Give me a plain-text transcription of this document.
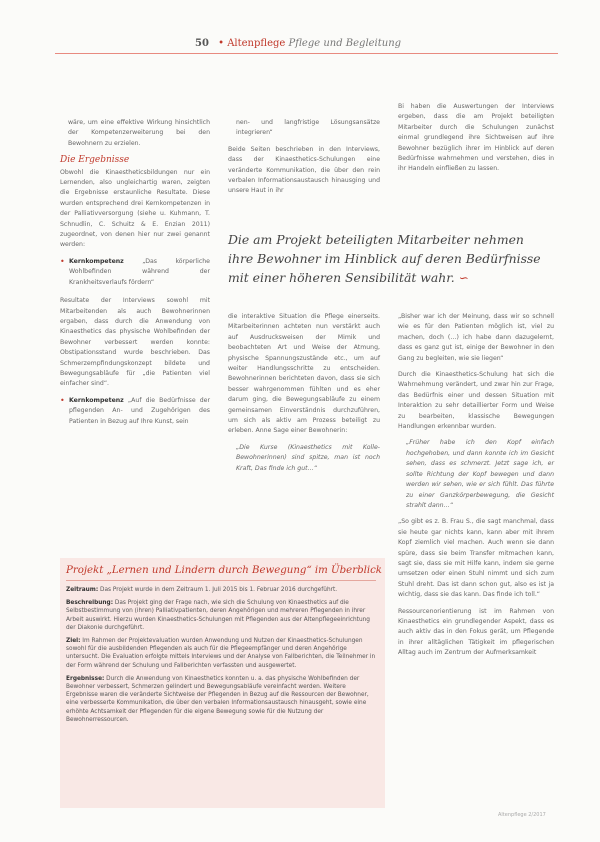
50 • Altenpflege Pflege und Begleitung

wäre, um eine effektive Wirkung hinsichtlich der Kompetenzerweiterung bei den Bewohnern zu erzielen.

Die Ergebnisse

Obwohl die Kinaestheticsbildungen nur ein Lernenden, also ungleichartig waren, zeigten die Ergebnisse erstaunliche Resultate. Diese wurden entsprechend drei Kernkompetenzen in der Palliativversorgung (siehe u. Kuhmann, T. Schnudlin, C. Schuitz & E. Enzian 2011) zugeordnet, von denen hier nur zwei genannt werden:

• Kernkompetenz	„Das körperliche Wohlbefinden während der Krankheitsverlaufs fördern“

Resultate der Interviews sowohl mit Mitarbeitenden als auch Bewohnerinnen ergaben, dass durch die Anwendung von Kinaesthetics das physische Wohlbefinden der Bewohner verbessert werden konnte: Obstipationsstand wurde beschrieben. Das Schmerzempfindungskonzept bildete und Bewegungsabläufe für „die Patienten viel einfacher sind“.

• Kernkompetenz „Auf die Bedürfnisse der pflegenden An- und Zugehörigen des Patienten in Bezug auf Ihre Kunst, sein

nen- und langfristige Lösungsansätze integrieren“

Beide Seiten beschrieben in den Interviews, dass der Kinaesthetics-Schulungen eine veränderte Kommunikation, die über den rein verbalen Informationsaustausch hinausging und unsere Haut in ihr

Die am Projekt beteiligten Mitarbeiter nehmen ihre Bewohner im Hinblick auf deren Bedürfnisse mit einer höheren Sensibilität wahr. ∽

die interaktive Situation die Pflege einerseits. Mitarbeiterinnen achteten nun verstärkt auch auf Ausdrucksweisen der Mimik und beobachteten Art und Weise der Atmung, physische Spannungszustände etc., um auf weiter Handlungsschritte zu entscheiden. Bewohnerinnen berichteten davon, dass sie sich besser wahrgenommen fühlten und es eher darum ging, die Bewegungsabläufe zu einem gemeinsamen Einverständnis durchzuführen, um sich als aktiv am Prozess beteiligt zu erleben. Anne Sage einer Bewohnerin:

„Die Kurse (Kinaesthetics mit Kolle- Bewohnerinnen) sind spitze, man ist noch Kraft, Das finde ich gut…“

Bi haben die Auswertungen der Interviews ergeben, dass die am Projekt beteiligten Mitarbeiter durch die Schulungen zunächst einmal grundlegend ihre Sichtweisen auf ihre Bewohner bezüglich ihrer im Hinblick auf deren Bedürfnisse wahrnehmen und verstehen, dies in ihr Handeln einfließen zu lassen.

„Bisher war ich der Meinung, dass wir so schnell wie es für den Patienten möglich ist, viel zu machen, doch (…) ich habe dann dazugelernt, dass es ganz gut ist, einige der Bewohner in den Gang zu begleiten, wie sie liegen“

Durch die Kinaesthetics-Schulung hat sich die Wahrnehmung verändert, und zwar hin zur Frage, das Bedürfnis einer und dessen Situation mit Interaktion zu sehr detaillierter Form und Weise zu bearbeiten, klassische Bewegungen Handlungen erkennbar wurden.

„Früher habe ich den Kopf einfach hochgehoben, und dann konnte ich im Gesicht sehen, dass es schmerzt. Jetzt sage ich, er sollte Richtung der Kopf bewegen und dann werden wir sehen, wie er sich fühlt. Das führte zu einer Ganzkörperbewegung, die Gesicht strahlt dann…“

„So gibt es z. B. Frau S., die sagt manchmal, dass sie heute gar nichts kann, kann aber mit ihrem Kopf ziemlich viel machen. Auch wenn sie dann spüre, dass sie beim Transfer mitmachen kann, sagt sie, dass sie mit Hilfe kann, indem sie gerne umsetzen oder einen Stuhl nimmt und sich zum Stuhl dreht. Das ist dann schon gut, also es ist ja wichtig, dass sie das kann. Das finde ich toll.“

Ressourcenorientierung ist im Rahmen von Kinaesthetics ein grundlegender Aspekt, dass es auch aktiv das in den Fokus gerät, um Pflegende in ihrer alltäglichen Tätigkeit im pflegerischen Alltag auch im Zentrum der Aufmerksamkeit

Projekt „Lernen und Lindern durch Bewegung“ im Überblick

Zeitraum: Das Projekt wurde in dem Zeitraum 1. Juli 2015 bis 1. Februar 2016 durchgeführt.

Beschreibung: Das Projekt ging der Frage nach, wie sich die Schulung von Kinaesthetics auf die Selbstbestimmung von (ihren) Palliativpatienten, deren Angehörigen und mehreren Pflegenden in ihrer Arbeit auswirkt. Hierzu wurden Kinaesthetics-Schulungen mit Pflegenden aus der Altenpflegeeinrichtung der Diakonie durchgeführt.

Ziel: Im Rahmen der Projektevaluation wurden Anwendung und Nutzen der Kinaesthetics-Schulungen sowohl für die ausbildenden Pflegenden als auch für die Pflegeempfänger und deren Angehörige untersucht. Die Evaluation erfolgte mittels Interviews und der Analyse von Fallberichten, die Teilnehmer in der Form während der Schulung und Fallberichten verfassten und ausgewertet.

Ergebnisse: Durch die Anwendung von Kinaesthetics konnten u. a. das physische Wohlbefinden der Bewohner verbessert, Schmerzen gelindert und Bewegungsabläufe vereinfacht werden. Weitere Ergebnisse waren die veränderte Sichtweise der Pflegenden in Bezug auf die Ressourcen der Bewohner, eine verbesserte Kommunikation, die über den verbalen Informationsaustausch hinausgeht, sowie eine erhöhte Achtsamkeit der Pflegenden für die eigene Bewegung sowie für die Nutzung der Bewohnerressourcen.

Altenpflege 2/2017
